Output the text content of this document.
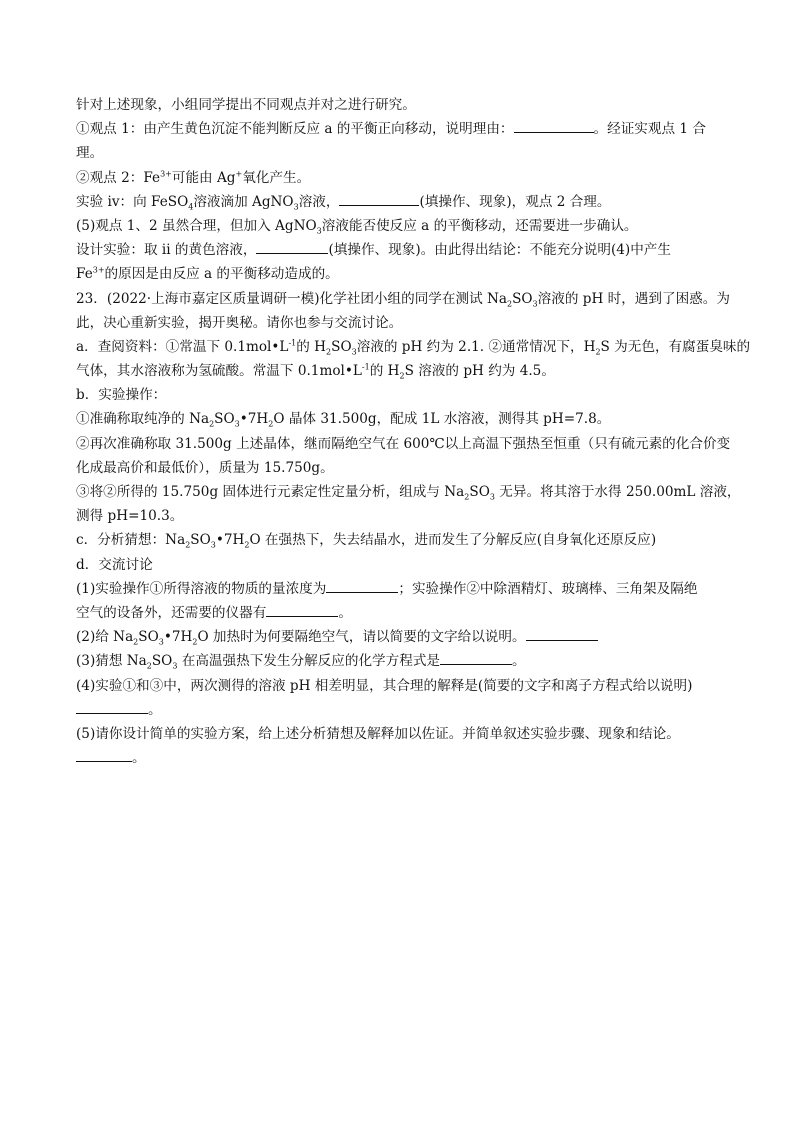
针对上述现象，小组同学提出不同观点并对之进行研究。
①观点 1：由产生黄色沉淀不能判断反应 a 的平衡正向移动，说明理由：	。经证实观点 1 合
理。
②观点 2：$Fe^{3+}$可能由 Ag+氧化产生。
实验 iv：向 FeSO$_4$溶液滴加 AgNO$_3$溶液，	(填操作、现象)，观点 2 合理。
(5)观点 1、2 虽然合理，但加入 AgNO$_3$溶液能否使反应 a 的平衡移动，还需要进一步确认。
设计实验：取 ii 的黄色溶液，	(填操作、现象)。由此得出结论：不能充分说明(4)中产生
$Fe^{3+}$的原因是由反应 a 的平衡移动造成的。
23．(2022·上海市嘉定区质量调研一模)化学社团小组的同学在测试 $Na_2SO_3$溶液的 pH 时，遇到了困惑。为
此，决心重新实验，揭开奥秘。请你也参与交流讨论。
a．查阅资料：①常温下 $0.1mol•L^{-1}$的 $H_2SO_3$溶液的 pH 约为 2.1. ②通常情况下，$H_2S$ 为无色，有腐蛋臭味的
气体，其水溶液称为氢硫酸。常温下 $0.1mol•L^{-1}$的 $H_2S$ 溶液的 pH 约为 4.5。
b．实验操作：
①准确称取纯净的 $Na_2SO_3•7H_2O$ 晶体 31.500g，配成 1L 水溶液，测得其 pH=7.8。
②再次准确称取 31.500g 上述晶体，继而隔绝空气在 600℃以上高温下强热至恒重（只有硫元素的化合价变
化成最高价和最低价），质量为 15.750g。
③将②所得的 15.750g 固体进行元素定性定量分析，组成与 $Na_2SO_3$ 无异。将其溶于水得 250.00mL 溶液，
测得 pH=10.3。
c．分析猜想：$Na_2SO_3•7H_2O$ 在强热下，失去结晶水，进而发生了分解反应(自身氧化还原反应)
d．交流讨论
(1)实验操作①所得溶液的物质的量浓度为	；实验操作②中除酒精灯、玻璃棒、三角架及隔绝
空气的设备外，还需要的仪器有	。
(2)给 $Na_2SO_3•7H_2O$ 加热时为何要隔绝空气，请以简要的文字给以说明。
(3)猜想 $Na_2SO_3$ 在高温强热下发生分解反应的化学方程式是	。
(4)实验①和③中，两次测得的溶液 pH 相差明显，其合理的解释是(简要的文字和离子方程式给以说明)
。
(5)请你设计简单的实验方案，给上述分析猜想及解释加以佐证。并简单叙述实验步骤、现象和结论。
。
